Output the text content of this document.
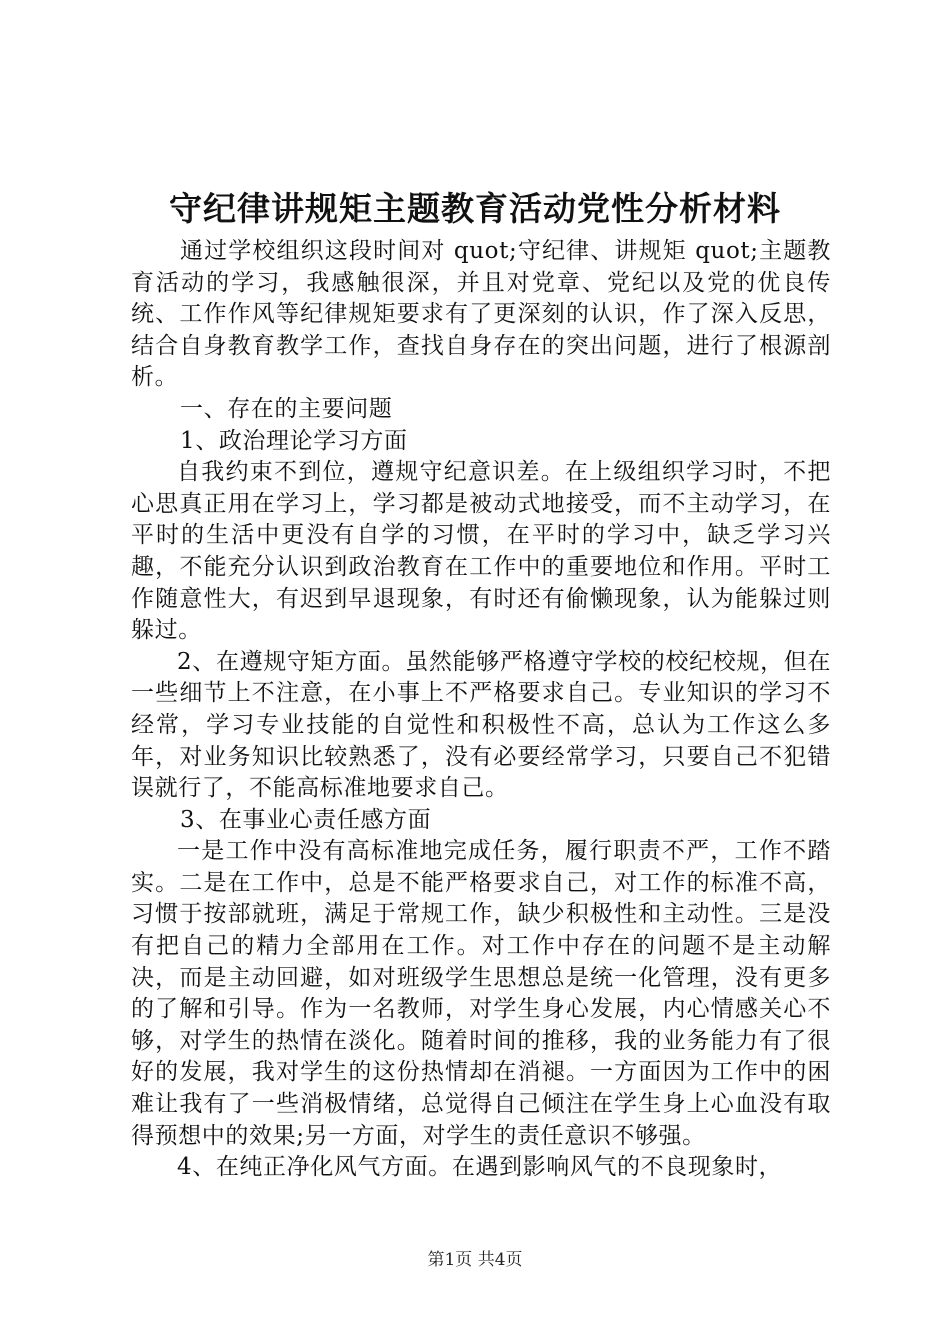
守纪律讲规矩主题教育活动党性分析材料

通过学校组织这段时间对 quot;守纪律、讲规矩 quot;主题教育活动的学习，我感触很深，并且对党章、党纪以及党的优良传统、工作作风等纪律规矩要求有了更深刻的认识，作了深入反思，结合自身教育教学工作，查找自身存在的突出问题，进行了根源剖析。

一、存在的主要问题

1、政治理论学习方面

自我约束不到位，遵规守纪意识差。在上级组织学习时，不把心思真正用在学习上，学习都是被动式地接受，而不主动学习，在平时的生活中更没有自学的习惯，在平时的学习中，缺乏学习兴趣，不能充分认识到政治教育在工作中的重要地位和作用。平时工作随意性大，有迟到早退现象，有时还有偷懒现象，认为能躲过则躲过。

2、在遵规守矩方面。虽然能够严格遵守学校的校纪校规，但在一些细节上不注意，在小事上不严格要求自己。专业知识的学习不经常，学习专业技能的自觉性和积极性不高，总认为工作这么多年，对业务知识比较熟悉了，没有必要经常学习，只要自己不犯错误就行了，不能高标准地要求自己。

3、在事业心责任感方面

一是工作中没有高标准地完成任务，履行职责不严，工作不踏实。二是在工作中，总是不能严格要求自己，对工作的标准不高，习惯于按部就班，满足于常规工作，缺少积极性和主动性。三是没有把自己的精力全部用在工作。对工作中存在的问题不是主动解决，而是主动回避，如对班级学生思想总是统一化管理，没有更多的了解和引导。作为一名教师，对学生身心发展，内心情感关心不够，对学生的热情在淡化。随着时间的推移，我的业务能力有了很好的发展，我对学生的这份热情却在消褪。一方面因为工作中的困难让我有了一些消极情绪，总觉得自己倾注在学生身上心血没有取得预想中的效果;另一方面，对学生的责任意识不够强。

4、在纯正净化风气方面。在遇到影响风气的不良现象时，

第1页 共4页
